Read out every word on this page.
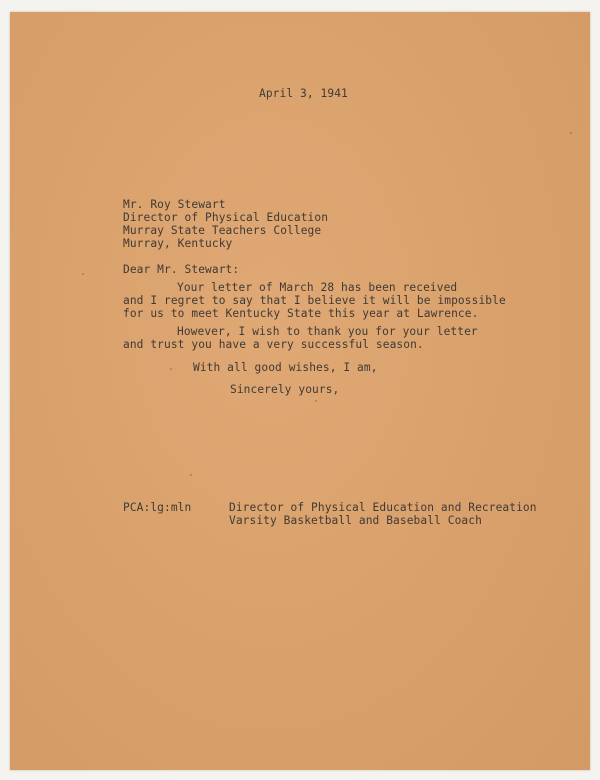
April 3, 1941
Mr. Roy Stewart
Director of Physical Education
Murray State Teachers College
Murray, Kentucky
Dear Mr. Stewart:
Your letter of March 28 has been received
and I regret to say that I believe it will be impossible
for us to meet Kentucky State this year at Lawrence.
However, I wish to thank you for your letter
and trust you have a very successful season.
With all good wishes, I am,
Sincerely yours,
PCA:lg:mln	Director of Physical Education and Recreation
Varsity Basketball and Baseball Coach
